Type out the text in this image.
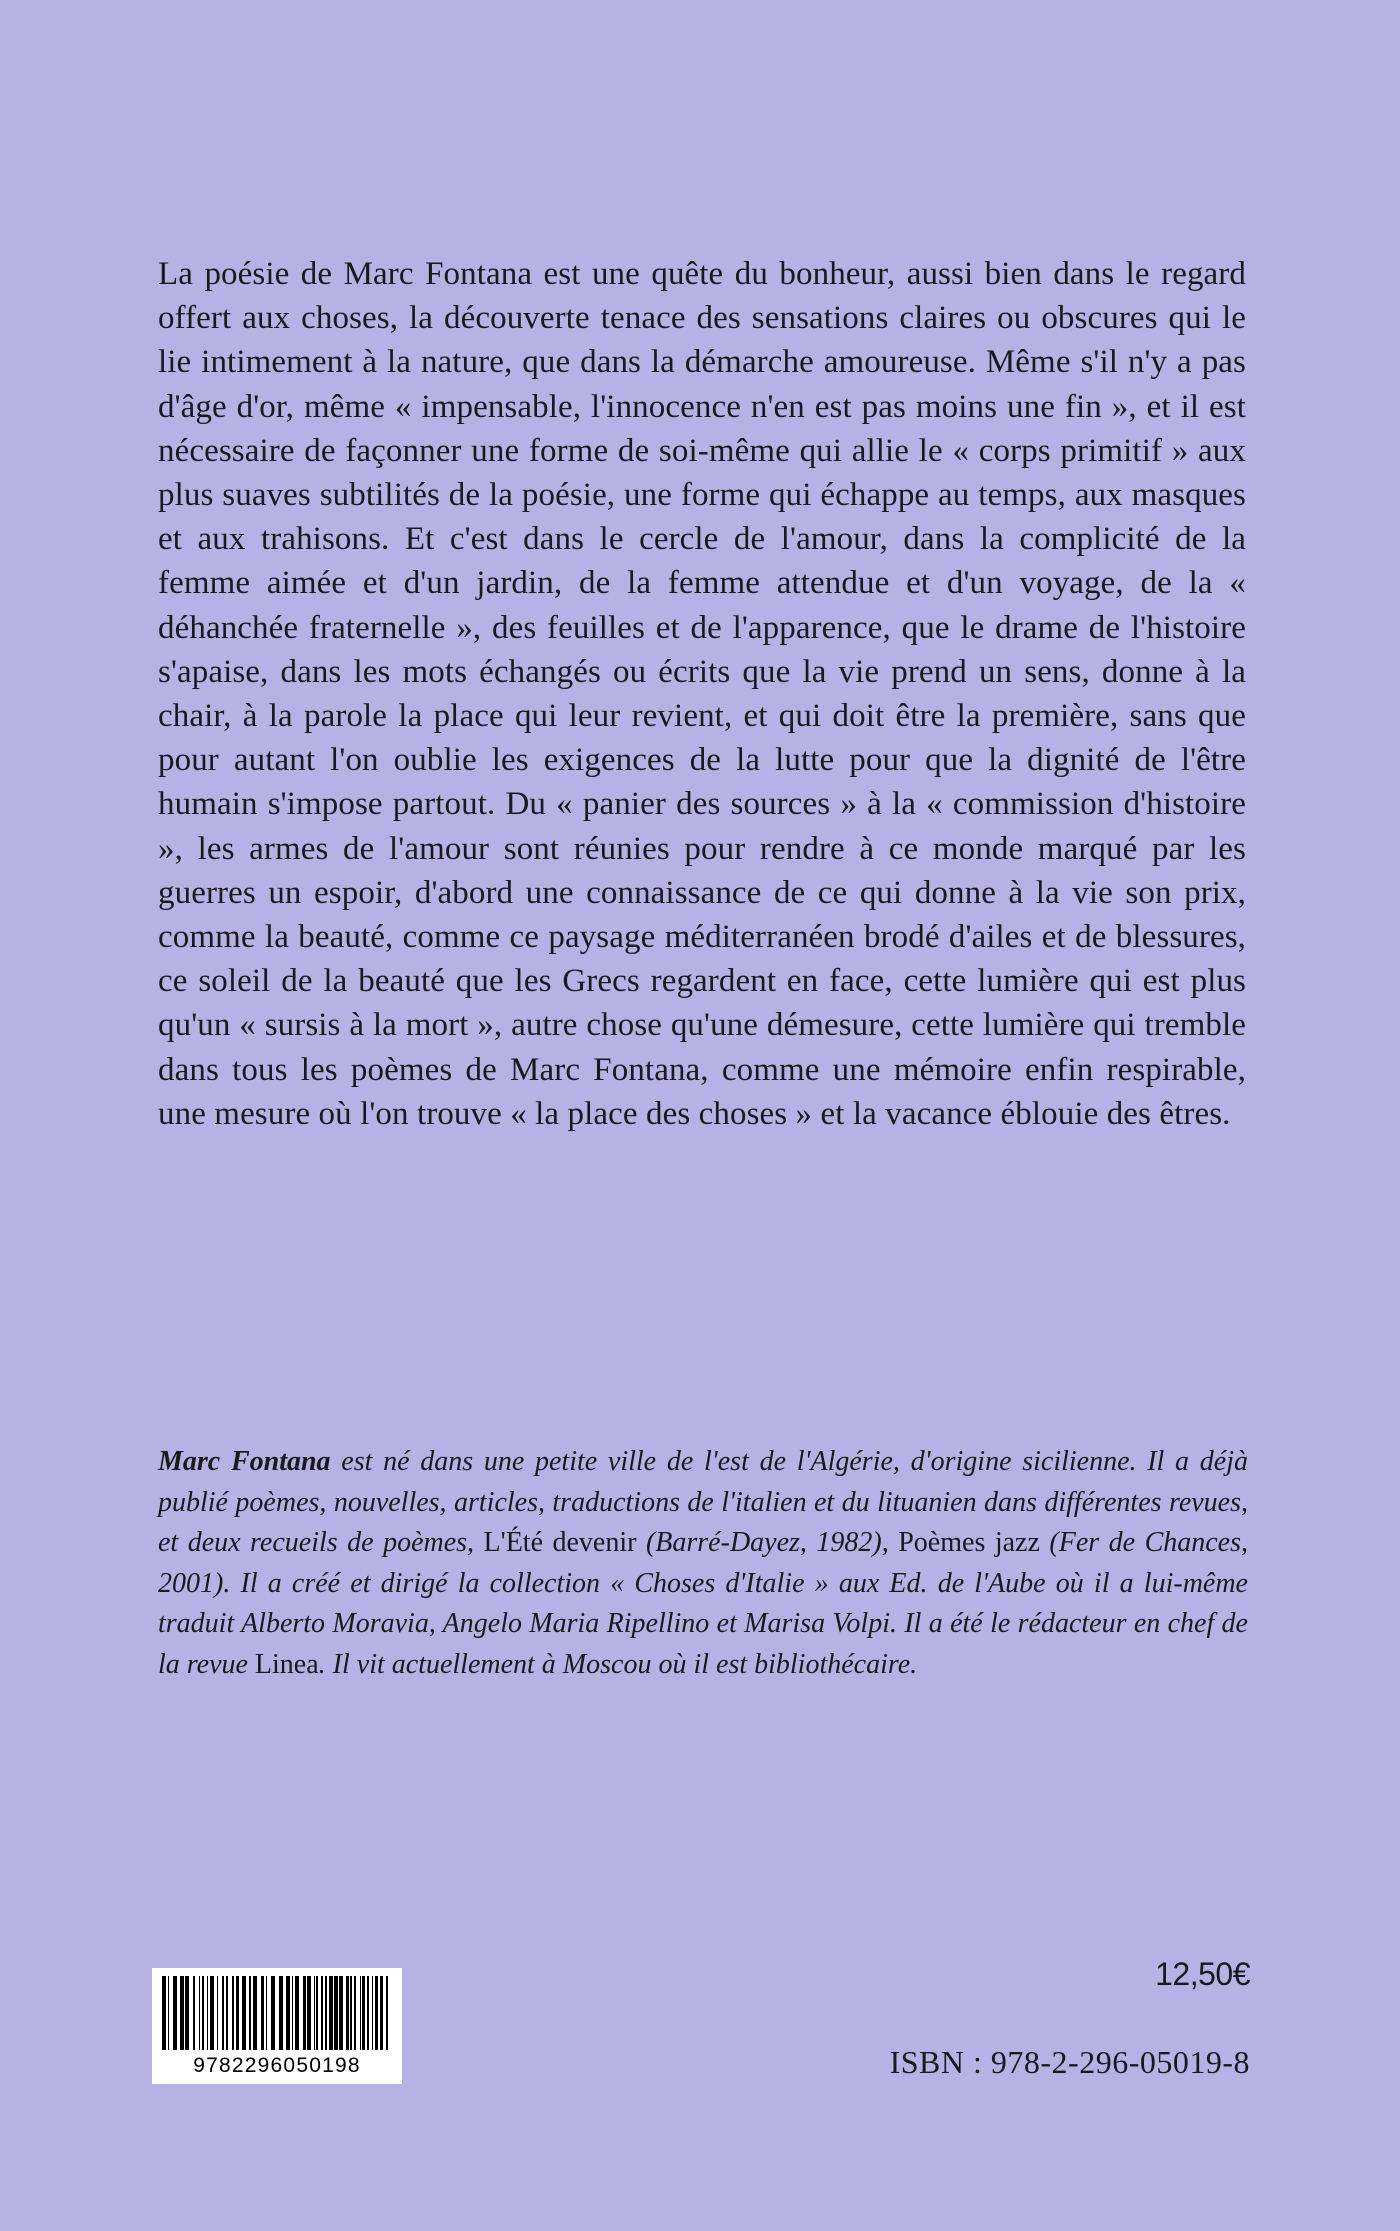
La poésie de Marc Fontana est une quête du bonheur, aussi bien dans le regard offert aux choses, la découverte tenace des sensations claires ou obscures qui le lie intimement à la nature, que dans la démarche amoureuse. Même s'il n'y a pas d'âge d'or, même « impensable, l'innocence n'en est pas moins une fin », et il est nécessaire de façonner une forme de soi-même qui allie le « corps primitif » aux plus suaves subtilités de la poésie, une forme qui échappe au temps, aux masques et aux trahisons. Et c'est dans le cercle de l'amour, dans la complicité de la femme aimée et d'un jardin, de la femme attendue et d'un voyage, de la « déhanchée fraternelle », des feuilles et de l'apparence, que le drame de l'histoire s'apaise, dans les mots échangés ou écrits que la vie prend un sens, donne à la chair, à la parole la place qui leur revient, et qui doit être la première, sans que pour autant l'on oublie les exigences de la lutte pour que la dignité de l'être humain s'impose partout. Du « panier des sources » à la « commission d'histoire », les armes de l'amour sont réunies pour rendre à ce monde marqué par les guerres un espoir, d'abord une connaissance de ce qui donne à la vie son prix, comme la beauté, comme ce paysage méditerranéen brodé d'ailes et de blessures, ce soleil de la beauté que les Grecs regardent en face, cette lumière qui est plus qu'un « sursis à la mort », autre chose qu'une démesure, cette lumière qui tremble dans tous les poèmes de Marc Fontana, comme une mémoire enfin respirable, une mesure où l'on trouve « la place des choses » et la vacance éblouie des êtres.

Marc Fontana est né dans une petite ville de l'est de l'Algérie, d'origine sicilienne. Il a déjà publié poèmes, nouvelles, articles, traductions de l'italien et du lituanien dans différentes revues, et deux recueils de poèmes, L'Été devenir (Barré-Dayez, 1982), Poèmes jazz (Fer de Chances, 2001). Il a créé et dirigé la collection « Choses d'Italie » aux Ed. de l'Aube où il a lui-même traduit Alberto Moravia, Angelo Maria Ripellino et Marisa Volpi. Il a été le rédacteur en chef de la revue Linea. Il vit actuellement à Moscou où il est bibliothécaire.

9782296050198
12,50€
ISBN : 978-2-296-05019-8
